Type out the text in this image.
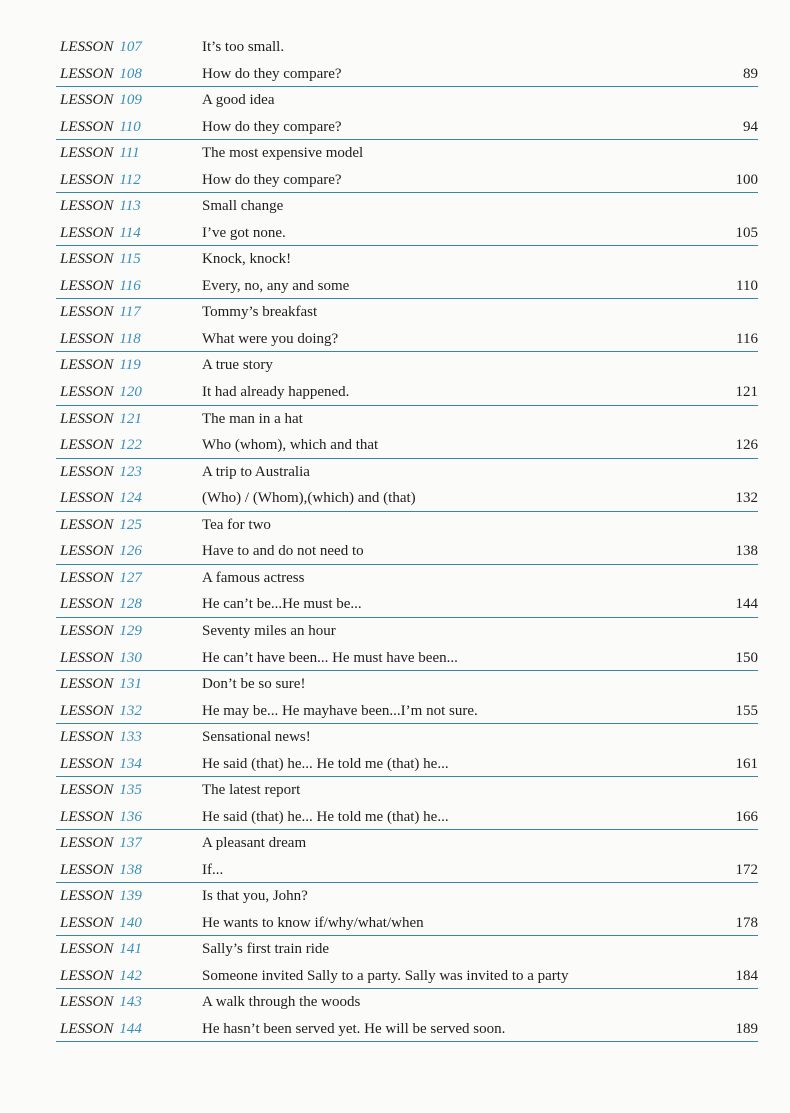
LESSON 107	It’s too small.
LESSON 108	How do they compare?	89
LESSON 109	A good idea
LESSON 110	How do they compare?	94
LESSON 111	The most expensive model
LESSON 112	How do they compare?	100
LESSON 113	Small change
LESSON 114	I’ve got none.	105
LESSON 115	Knock, knock!
LESSON 116	Every, no, any and some	110
LESSON 117	Tommy’s breakfast
LESSON 118	What were you doing?	116
LESSON 119	A true story
LESSON 120	It had already happened.	121
LESSON 121	The man in a hat
LESSON 122	Who (whom), which and that	126
LESSON 123	A trip to Australia
LESSON 124	(Who) / (Whom),(which) and (that)	132
LESSON 125	Tea for two
LESSON 126	Have to and do not need to	138
LESSON 127	A famous actress
LESSON 128	He can’t be...He must be...	144
LESSON 129	Seventy miles an hour
LESSON 130	He can’t have been... He must have been...	150
LESSON 131	Don’t be so sure!
LESSON 132	He may be... He mayhave been...I’m not sure.	155
LESSON 133	Sensational news!
LESSON 134	He said (that) he... He told me (that) he...	161
LESSON 135	The latest report
LESSON 136	He said (that) he... He told me (that) he...	166
LESSON 137	A pleasant dream
LESSON 138	If...	172
LESSON 139	Is that you, John?
LESSON 140	He wants to know if/why/what/when	178
LESSON 141	Sally’s first train ride
LESSON 142	Someone invited Sally to a party. Sally was invited to a party	184
LESSON 143	A walk through the woods
LESSON 144	He hasn’t been served yet. He will be served soon.	189
